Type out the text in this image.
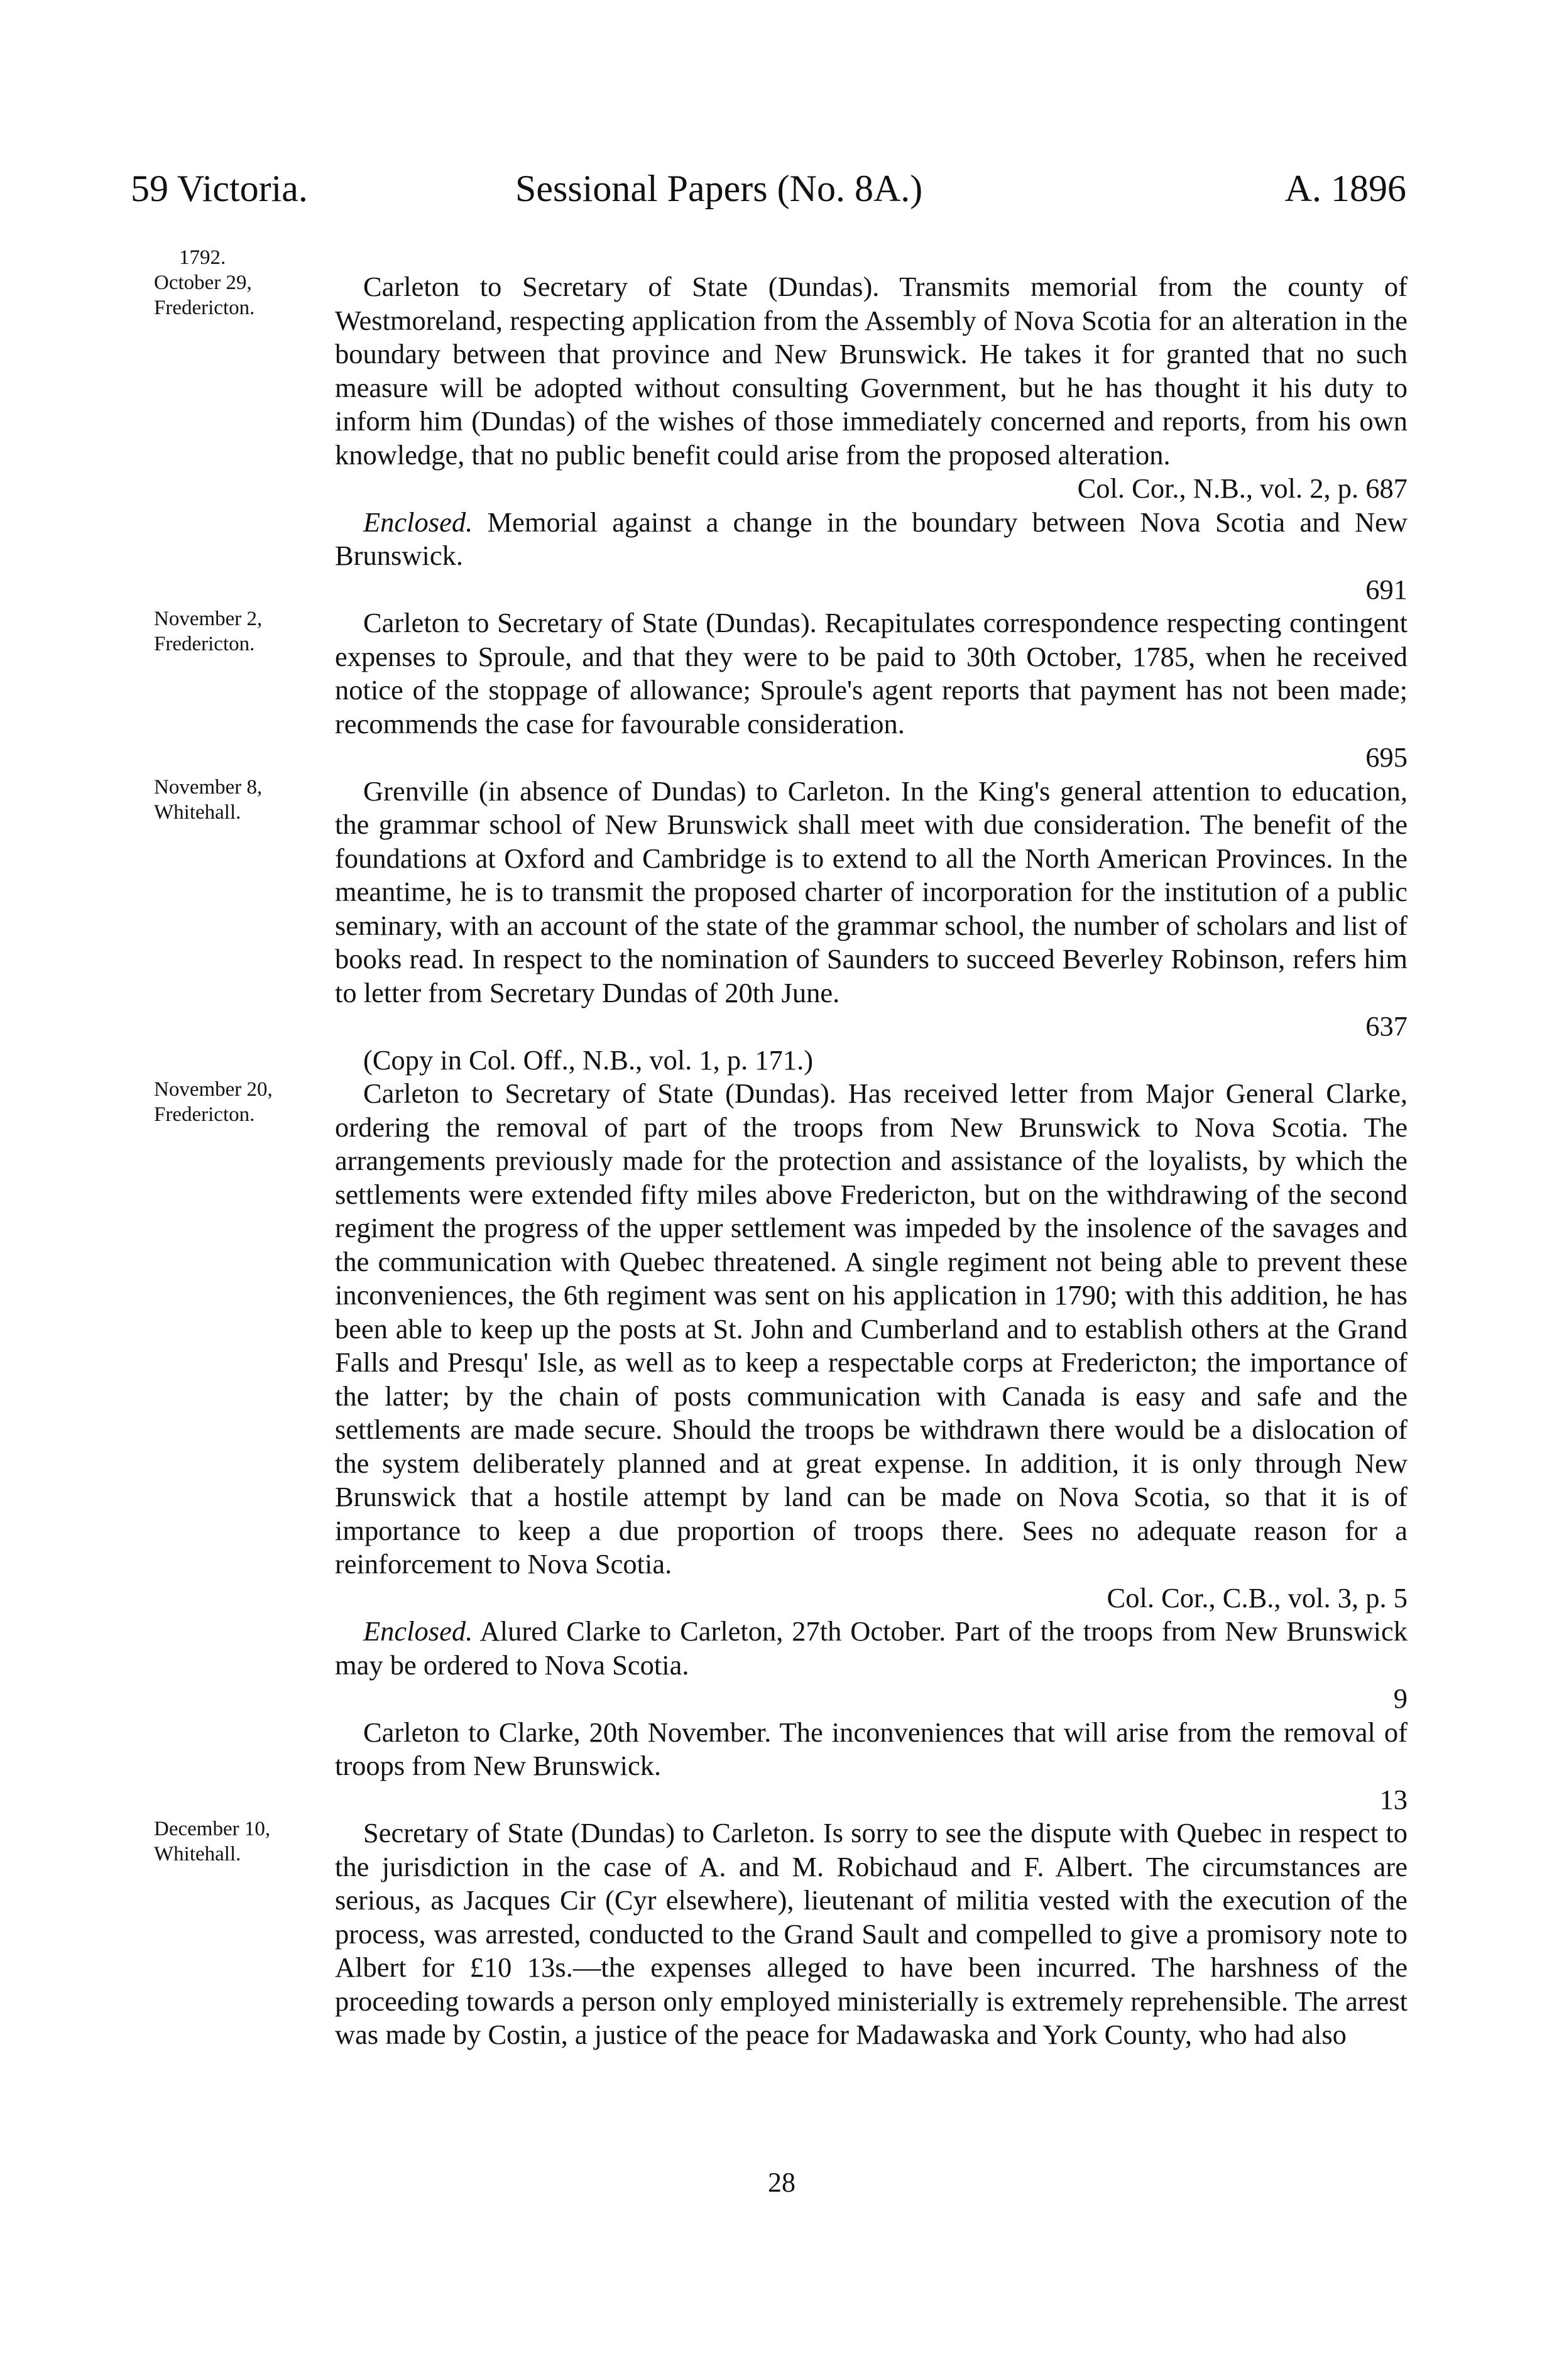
59 Victoria.	Sessional Papers (No. 8A.)	A. 1896
1792.
October 29,
Fredericton.

Carleton to Secretary of State (Dundas). Transmits memorial from the county of Westmoreland, respecting application from the Assembly of Nova Scotia for an alteration in the boundary between that province and New Brunswick. He takes it for granted that no such measure will be adopted without consulting Government, but he has thought it his duty to inform him (Dundas) of the wishes of those immediately concerned and reports, from his own knowledge, that no public benefit could arise from the proposed alteration.

Col. Cor., N.B., vol. 2, p. 687

Enclosed. Memorial against a change in the boundary between Nova Scotia and New Brunswick.

691

November 2,
Fredericton.

Carleton to Secretary of State (Dundas). Recapitulates correspondence respecting contingent expenses to Sproule, and that they were to be paid to 30th October, 1785, when he received notice of the stoppage of allowance; Sproule's agent reports that payment has not been made; recommends the case for favourable consideration.

695

November 8,
Whitehall.

Grenville (in absence of Dundas) to Carleton. In the King's general attention to education, the grammar school of New Brunswick shall meet with due consideration. The benefit of the foundations at Oxford and Cambridge is to extend to all the North American Provinces. In the meantime, he is to transmit the proposed charter of incorporation for the institution of a public seminary, with an account of the state of the grammar school, the number of scholars and list of books read. In respect to the nomination of Saunders to succeed Beverley Robinson, refers him to letter from Secretary Dundas of 20th June.

637

(Copy in Col. Off., N.B., vol. 1, p. 171.)

November 20,
Fredericton.

Carleton to Secretary of State (Dundas). Has received letter from Major General Clarke, ordering the removal of part of the troops from New Brunswick to Nova Scotia. The arrangements previously made for the protection and assistance of the loyalists, by which the settlements were extended fifty miles above Fredericton, but on the withdrawing of the second regiment the progress of the upper settlement was impeded by the insolence of the savages and the communication with Quebec threatened. A single regiment not being able to prevent these inconveniences, the 6th regiment was sent on his application in 1790; with this addition, he has been able to keep up the posts at St. John and Cumberland and to establish others at the Grand Falls and Presqu' Isle, as well as to keep a respectable corps at Fredericton; the importance of the latter; by the chain of posts communication with Canada is easy and safe and the settlements are made secure. Should the troops be withdrawn there would be a dislocation of the system deliberately planned and at great expense. In addition, it is only through New Brunswick that a hostile attempt by land can be made on Nova Scotia, so that it is of importance to keep a due proportion of troops there. Sees no adequate reason for a reinforcement to Nova Scotia.

Col. Cor., C.B., vol. 3, p. 5

Enclosed. Alured Clarke to Carleton, 27th October. Part of the troops from New Brunswick may be ordered to Nova Scotia.

9

Carleton to Clarke, 20th November. The inconveniences that will arise from the removal of troops from New Brunswick.

13

December 10,
Whitehall.

Secretary of State (Dundas) to Carleton. Is sorry to see the dispute with Quebec in respect to the jurisdiction in the case of A. and M. Robichaud and F. Albert. The circumstances are serious, as Jacques Cir (Cyr elsewhere), lieutenant of militia vested with the execution of the process, was arrested, conducted to the Grand Sault and compelled to give a promisory note to Albert for £10 13s.—the expenses alleged to have been incurred. The harshness of the proceeding towards a person only employed ministerially is extremely reprehensible. The arrest was made by Costin, a justice of the peace for Madawaska and York County, who had also

28
